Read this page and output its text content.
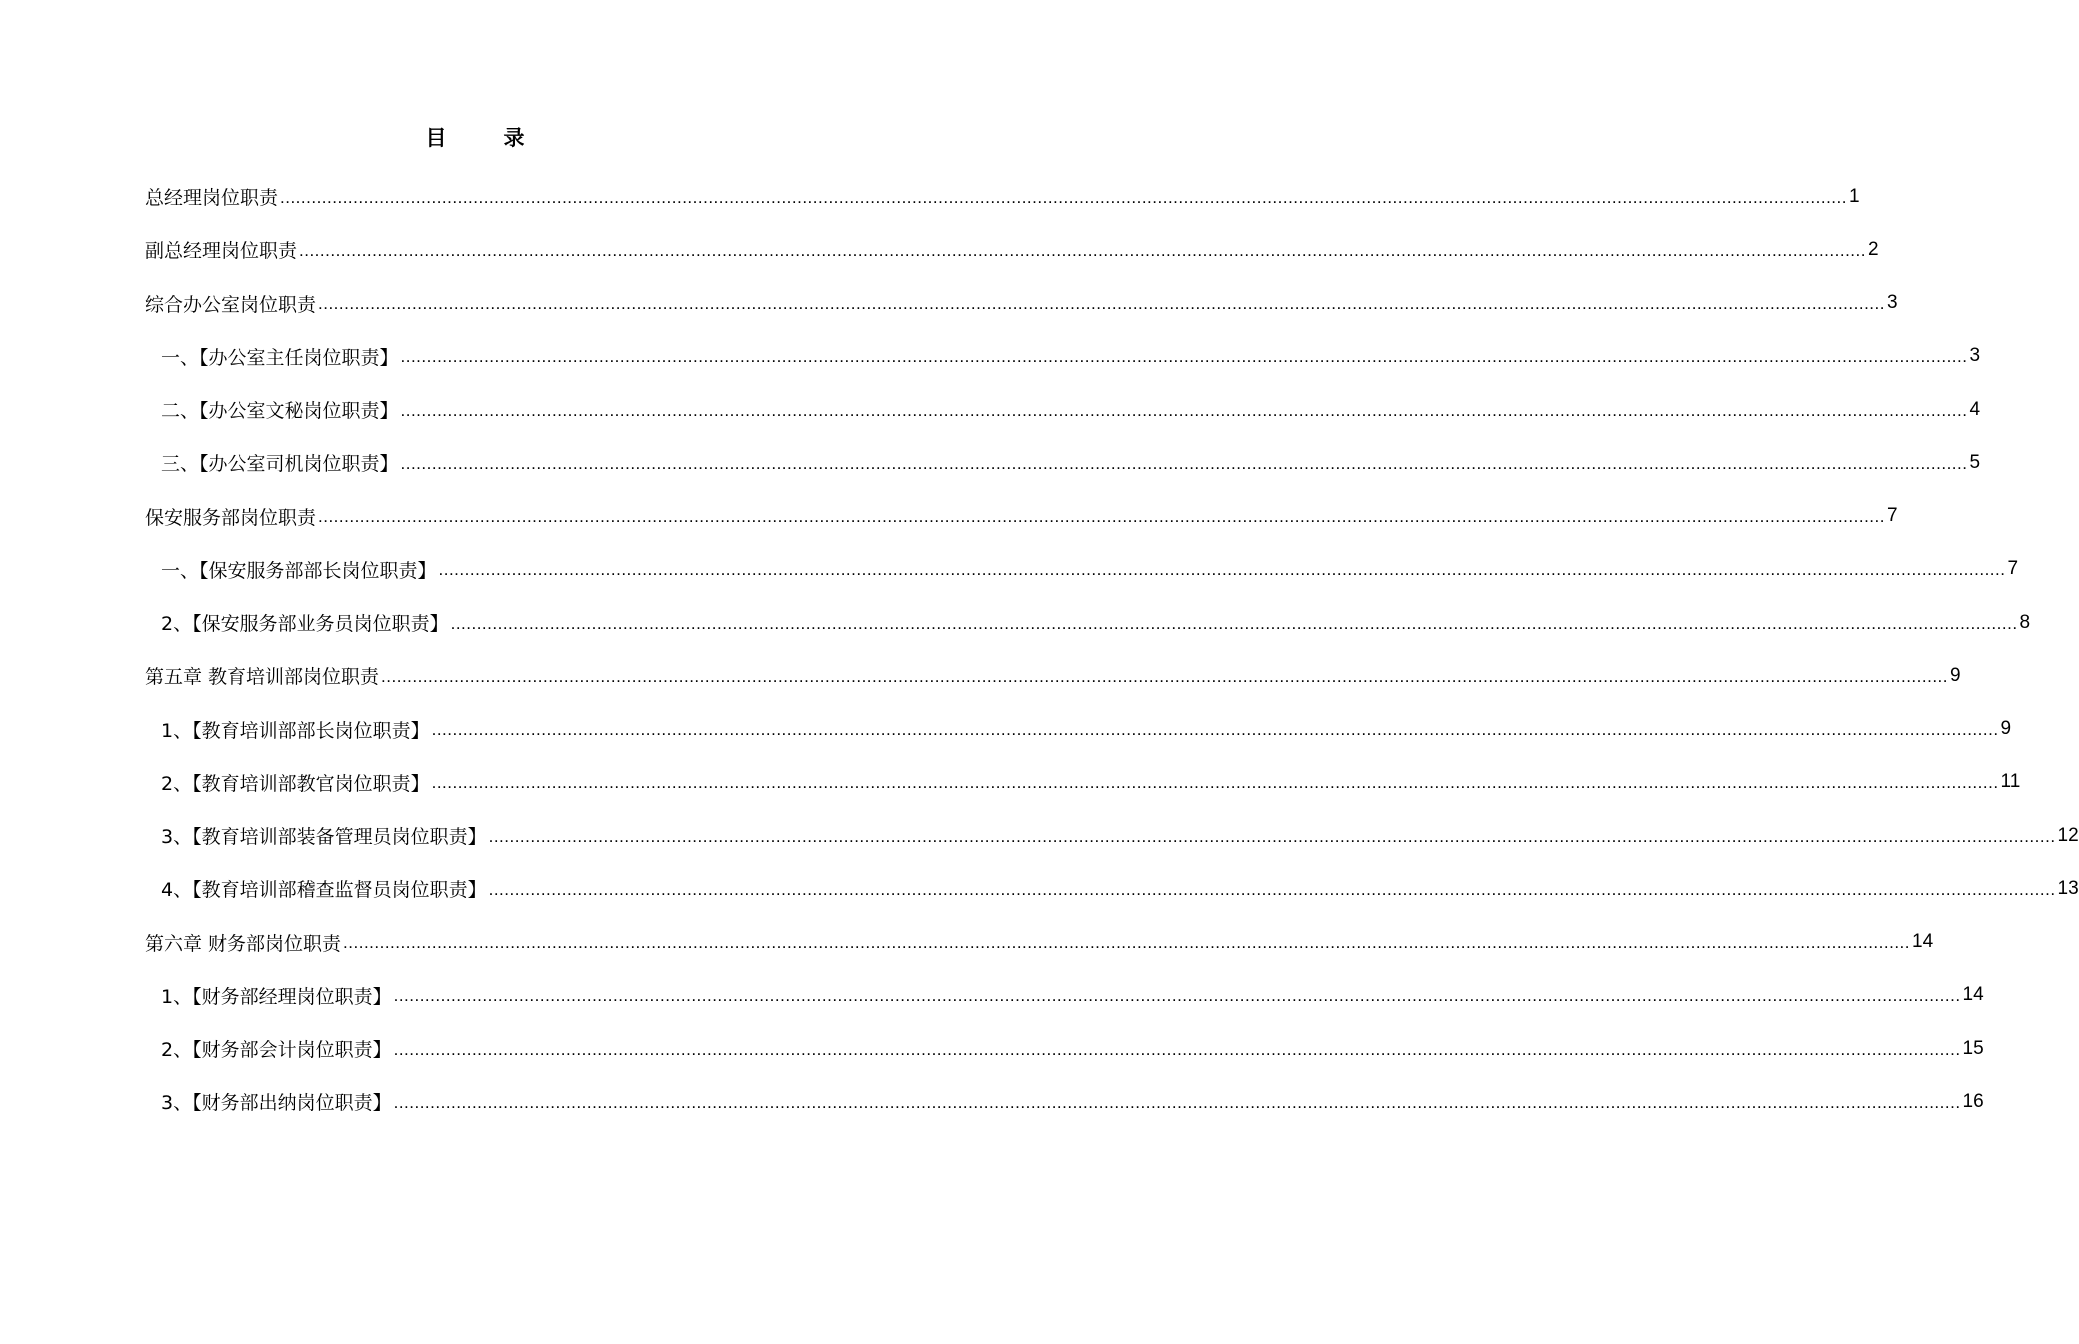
目　录
总经理岗位职责 ............................................................................................................................................................................................................................................................................................................ 1
副总经理岗位职责 ............................................................................................................................................................................................................................................................................................................ 2
综合办公室岗位职责 ............................................................................................................................................................................................................................................................................................................ 3
一、【办公室主任岗位职责】 ............................................................................................................................................................................................................................................................................................................ 3
二、【办公室文秘岗位职责】 ............................................................................................................................................................................................................................................................................................................ 4
三、【办公室司机岗位职责】 ............................................................................................................................................................................................................................................................................................................ 5
保安服务部岗位职责 ............................................................................................................................................................................................................................................................................................................ 7
一、【保安服务部部长岗位职责】 ............................................................................................................................................................................................................................................................................................................ 7
2、【保安服务部业务员岗位职责】 ............................................................................................................................................................................................................................................................................................................ 8
第五章 教育培训部岗位职责 ............................................................................................................................................................................................................................................................................................................ 9
1、【教育培训部部长岗位职责】 ............................................................................................................................................................................................................................................................................................................ 9
2、【教育培训部教官岗位职责】 ............................................................................................................................................................................................................................................................................................................ 11
3、【教育培训部装备管理员岗位职责】 ............................................................................................................................................................................................................................................................................................................ 12
4、【教育培训部稽查监督员岗位职责】 ............................................................................................................................................................................................................................................................................................................ 13
第六章 财务部岗位职责 ............................................................................................................................................................................................................................................................................................................ 14
1、【财务部经理岗位职责】 ............................................................................................................................................................................................................................................................................................................ 14
2、【财务部会计岗位职责】 ............................................................................................................................................................................................................................................................................................................ 15
3、【财务部出纳岗位职责】 ............................................................................................................................................................................................................................................................................................................ 16
